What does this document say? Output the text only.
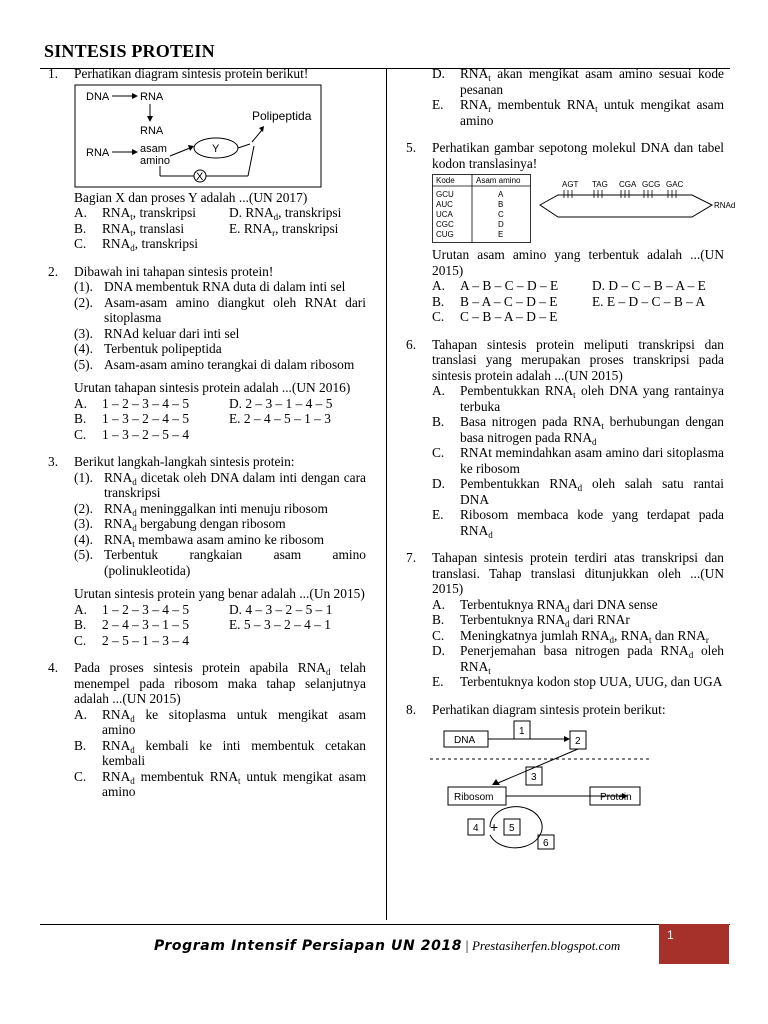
SINTESIS PROTEIN
1. Perhatikan diagram sintesis protein berikut!
DNA	RNA
RNA
Polipeptida
RNA	asam
amino
Y
X
Bagian X dan proses Y adalah ...(UN 2017)
A. $RNA_t$, transkripsi	D. $RNA_d$, transkripsi
B. $RNA_t$, translasi	E. $RNA_r$, transkripsi
C. $RNA_d$, transkripsi
2. Dibawah ini tahapan sintesis protein!
(1). DNA membentuk RNA duta di dalam inti sel
(2). Asam-asam amino diangkut oleh RNAt dari sitoplasma
(3). RNAd keluar dari inti sel
(4). Terbentuk polipeptida
(5). Asam-asam amino terangkai di dalam ribosom
Urutan tahapan sintesis protein adalah ...(UN 2016)
A. 1 – 2 – 3 – 4 – 5	D. 2 – 3 – 1 – 4 – 5
B. 1 – 3 – 2 – 4 – 5	E. 2 – 4 – 5 – 1 – 3
C. 1 – 3 – 2 – 5 – 4
3. Berikut langkah-langkah sintesis protein:
(1). $RNA_d$ dicetak oleh DNA dalam inti dengan cara transkripsi
(2). $RNA_d$ meninggalkan inti menuju ribosom
(3). $RNA_d$ bergabung dengan ribosom
(4). $RNA_t$ membawa asam amino ke ribosom
(5). Terbentuk rangkaian asam amino (polinukleotida)
Urutan sintesis protein yang benar adalah ...(Un 2015)
A. 1 – 2 – 3 – 4 – 5	D. 4 – 3 – 2 – 5 – 1
B. 2 – 4 – 3 – 1 – 5	E. 5 – 3 – 2 – 4 – 1
C. 2 – 5 – 1 – 3 – 4
4. Pada proses sintesis protein apabila $RNA_d$ telah menempel pada ribosom maka tahap selanjutnya adalah ...(UN 2015)
A. $RNA_d$ ke sitoplasma untuk mengikat asam amino
B. $RNA_d$ kembali ke inti membentuk cetakan kembali
C. $RNA_d$ membentuk $RNA_t$ untuk mengikat asam amino
D. $RNA_t$ akan mengikat asam amino sesuai kode pesanan
E. $RNA_r$ membentuk $RNA_t$ untuk mengikat asam amino
5. Perhatikan gambar sepotong molekul DNA dan tabel kodon translasinya!
Kode	Asam amino
GCU	A
AUC	B
UCA	C
CGC	D
CUG	E
AGT TAG CGA GCG GAC
RNAd
Urutan asam amino yang terbentuk adalah ...(UN 2015)
A. A – B – C – D – E	D. D – C – B – A – E
B. B – A – C – D – E	E. E – D – C – B – A
C. C – B – A – D – E
6. Tahapan sintesis protein meliputi transkripsi dan translasi yang merupakan proses transkripsi pada sintesis protein adalah ...(UN 2015)
A. Pembentukkan $RNA_t$ oleh DNA yang rantainya terbuka
B. Basa nitrogen pada $RNA_t$ berhubungan dengan basa nitrogen pada $RNA_d$
C. RNAt memindahkan asam amino dari sitoplasma ke ribosom
D. Pembentukkan $RNA_d$ oleh salah satu rantai DNA
E. Ribosom membaca kode yang terdapat pada $RNA_d$
7. Tahapan sintesis protein terdiri atas transkripsi dan translasi. Tahap translasi ditunjukkan oleh ...(UN 2015)
A. Terbentuknya $RNA_d$ dari DNA sense
B. Terbentuknya $RNA_d$ dari RNAr
C. Meningkatnya jumlah $RNA_d$, $RNA_t$ dan $RNA_r$
D. Penerjemahan basa nitrogen pada $RNA_d$ oleh $RNA_t$
E. Terbentuknya kodon stop UUA, UUG, dan UGA
8. Perhatikan diagram sintesis protein berikut:
DNA
1
2
3
Ribosom	Protein
4 + 5
6
Program Intensif Persiapan UN 2018 | Prestasiherfen.blogspot.com
1
